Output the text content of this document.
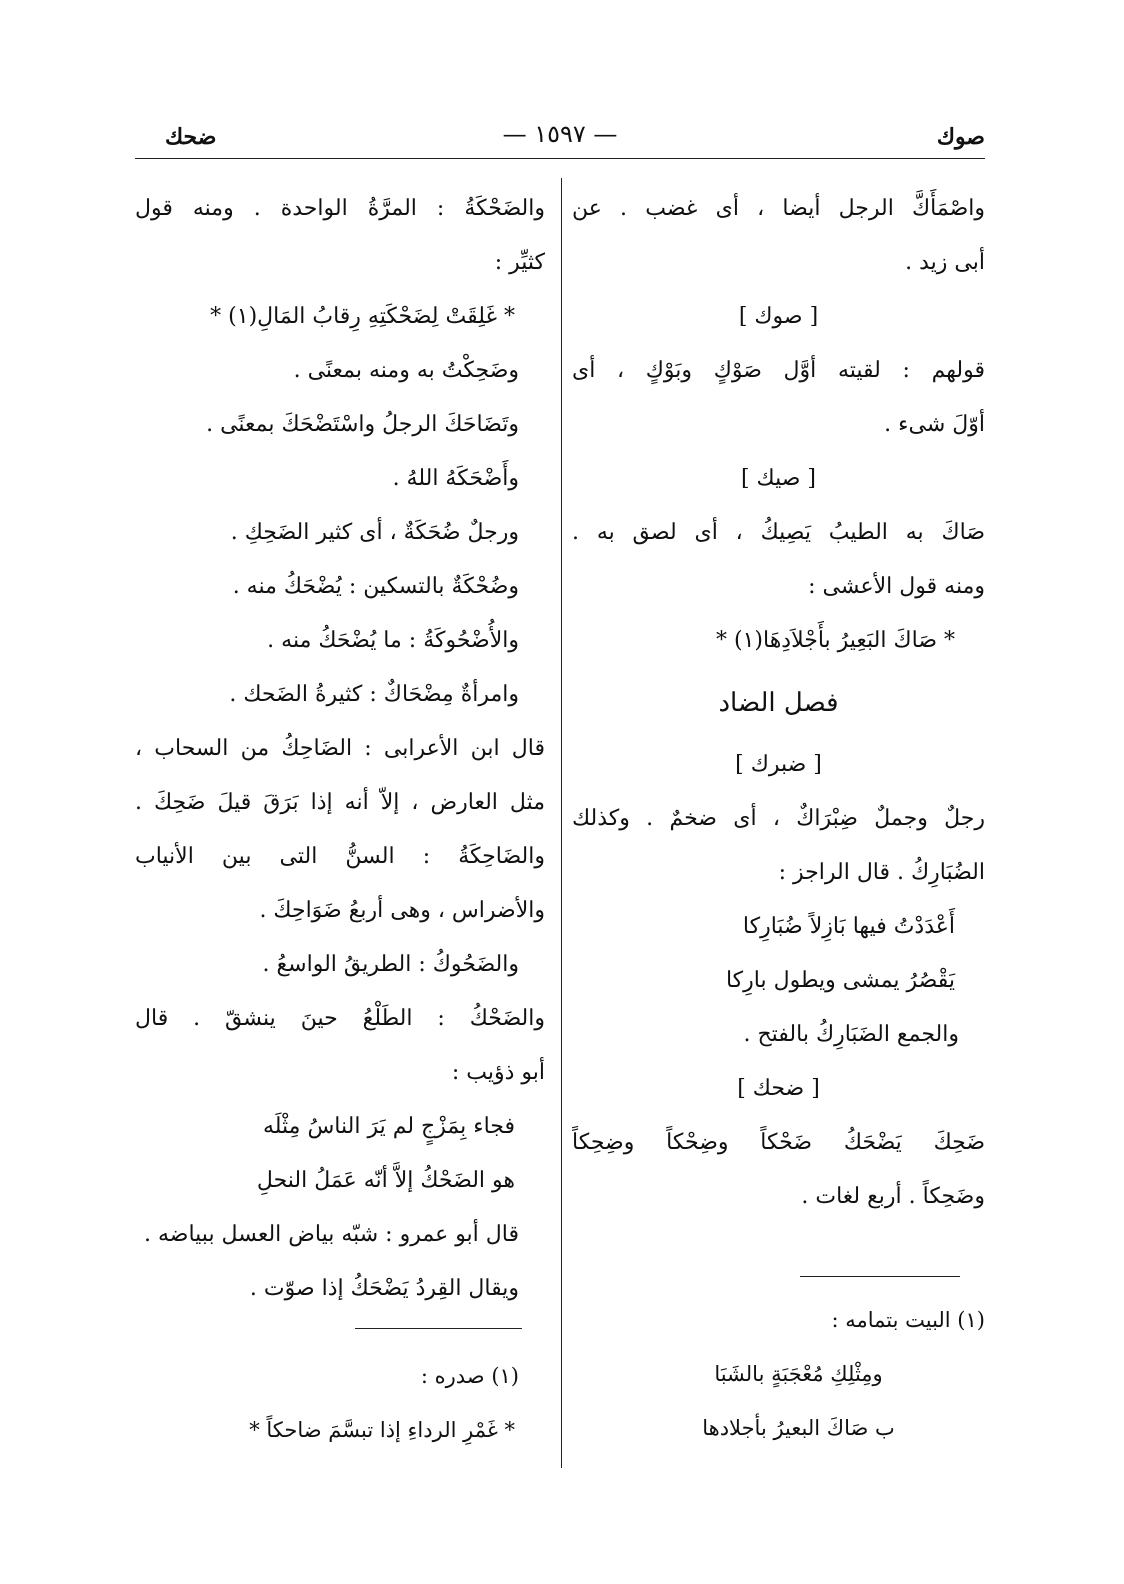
صوك
— ١٥٩٧ —
ضحك
واصْمَأَكَّ الرجل أيضا ، أى غضب . عن
أبى زيد .
[ صوك ]
قولهم : لقيته أوَّل صَوْكٍ وبَوْكٍ ، أى
أوّلَ شىء .
[ صيك ]
صَاكَ به الطيبُ يَصِيكُ ، أى لصق به .
ومنه قول الأعشى :
* صَاكَ البَعِيرُ بأَجْلاَدِهَا(١) *
فصل الضاد
[ ضبرك ]
رجلٌ وجملٌ ضِبْرَاكٌ ، أى ضخمٌ . وكذلك
الضُبَارِكُ . قال الراجز :
أَعْدَدْتُ فيها بَازِلاً ضُبَارِكا
يَقْصُرُ يمشى ويطول بارِكا
والجمع الضَبَارِكُ بالفتح .
[ ضحك ]
ضَحِكَ يَضْحَكُ ضَحْكاً وضِحْكاً وضِحِكاً
وضَحِكاً . أربع لغات .
(١) البيت بتمامه :
ومِثْلِكِ مُعْجَبَةٍ بالشَبَا
ب صَاكَ البعيرُ بأجلادها
والضَحْكَةُ : المرَّةُ الواحدة . ومنه قول
كثيِّر :
* غَلِقَتْ لِضَحْكَتِهِ رِقابُ المَالِ(١) *
وضَحِكْتُ به ومنه بمعنًى .
وتَضَاحَكَ الرجلُ واسْتَضْحَكَ بمعنًى .
وأَضْحَكَهُ اللهُ .
ورجلٌ ضُحَكَةٌ ، أى كثير الضَحِكِ .
وضُحْكَةٌ بالتسكين : يُضْحَكُ منه .
والأُضْحُوكَةُ : ما يُضْحَكُ منه .
وامرأةٌ مِضْحَاكٌ : كثيرةُ الضَحك .
قال ابن الأعرابى : الضَاحِكُ من السحاب ،
مثل العارض ، إلاّ أنه إذا بَرَقَ قيلَ ضَحِكَ .
والضَاحِكَةُ : السنُّ التى بين الأنياب
والأضراس ، وهى أربعُ ضَوَاحِكَ .
والضَحُوكُ : الطريقُ الواسعُ .
والضَحْكُ : الطَلْعُ حينَ ينشقّ . قال
أبو ذؤيب :
فجاء بِمَزْجٍ لم يَرَ الناسُ مِثْلَه
هو الضَحْكُ إلاَّ أنّه عَمَلُ النحلِ
قال أبو عمرو : شبّه بياض العسل ببياضه .
ويقال القِردُ يَضْحَكُ إذا صوّت .
(١) صدره :
* غَمْرِ الرداءِ إذا تبسَّمَ ضاحكاً *
